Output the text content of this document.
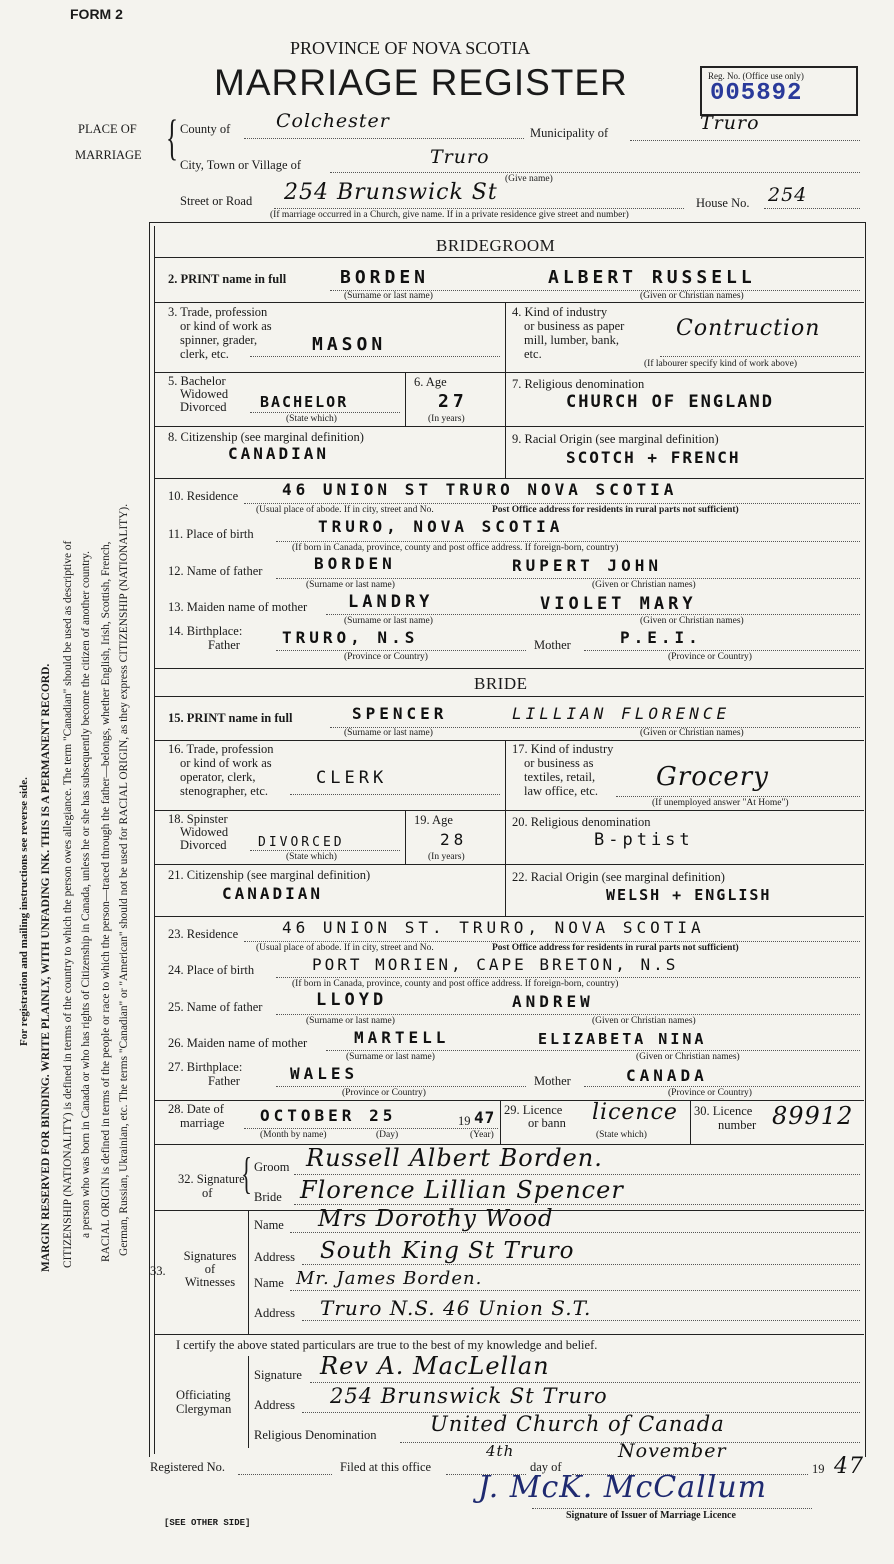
FORM 2
PROVINCE OF NOVA SCOTIA
MARRIAGE REGISTER	Reg. No. (Office use only)
005892
PLACE OF
MARRIAGE { County of Colchester
Municipality of	Truro
City, Town or Village of	Truro
(Give name)
Street or Road 254 Brunswick St	House No. 254
(If marriage occurred in a Church, give name. If in a private residence give street and number)
For registration and mailing instructions see reverse side. MARGIN RESERVED FOR BINDING. WRITE PLAINLY, WITH UNFADING INK. THIS IS A PERMANENT RECORD. CITIZENSHIP (NATIONALITY) is defined in terms of the country to which the person owes allegiance. The term "Canadian" should be used as descriptive of a person who was born in Canada or who has rights of Citizenship in Canada, unless he or she has subsequently become the citizen of another country. RACIAL ORIGIN is defined in terms of the people or race to which the person—traced through the father—belongs, whether English, Irish, Scottish, French, German, Russian, Ukrainian, etc. The terms "Canadian" or "American" should not be used for RACIAL ORIGIN, as they express CITIZENSHIP (NATIONALITY).
BRIDEGROOM
2. PRINT name in full	BORDEN	ALBERT RUSSELL
(Surname or last name)	(Given or Christian names)
3. Trade, profession
or kind of work as
spinner, grader,
clerk, etc.	MASON
4. Kind of industry
or business as paper
mill, lumber, bank,
etc.
Contruction
(If labourer specify kind of work above)
5. Bachelor
Widowed
Divorced BACHELOR
(State which)
6. Age
27
(In years)
7. Religious denomination
CHURCH OF ENGLAND
8. Citizenship (see marginal definition)
CANADIAN
9. Racial Origin (see marginal definition)
SCOTCH + FRENCH
10. Residence	46 UNION ST TRURO NOVA SCOTIA
(Usual place of abode. If in city, street and No.	Post Office address for residents in rural parts not sufficient)
11. Place of birth	TRURO, NOVA SCOTIA
(If born in Canada, province, county and post office address. If foreign-born, country)
12. Name of father	BORDEN	RUPERT JOHN
(Surname or last name)	(Given or Christian names)
13. Maiden name of mother LANDRY	VIOLET MARY
(Surname or last name)	(Given or Christian names)
14. Birthplace:
Father	TRURO, N.S
(Province or Country)
Mother	P.E.I.
(Province or Country)
BRIDE
15. PRINT name in full	SPENCER	LILLIAN FLORENCE
(Surname or last name)	(Given or Christian names)
16. Trade, profession
or kind of work as
operator, clerk,
stenographer, etc.
CLERK
17. Kind of industry
or business as
textiles, retail,
law office, etc.	Grocery
(If unemployed answer "At Home")
18. Spinster
Widowed
Divorced DIVORCED
(State which)
19. Age
28
(In years)
20. Religious denomination
B-ptist
21. Citizenship (see marginal definition)
CANADIAN
22. Racial Origin (see marginal definition)
WELSH + ENGLISH
23. Residence	46 UNION ST. TRURO, NOVA SCOTIA
(Usual place of abode. If in city, street and No.	Post Office address for residents in rural parts not sufficient)
24. Place of birth	PORT MORIEN, CAPE BRETON, N.S
(If born in Canada, province, county and post office address. If foreign-born, country)
25. Name of father	LLOYD	ANDREW
(Surname or last name)	(Given or Christian names)
26. Maiden name of mother	MARTELL	ELIZABETA NINA
(Surname or last name)	(Given or Christian names)
27. Birthplace:
Father	WALES
(Province or Country)
Mother	CANADA
(Province or Country)
28. Date of
marriage OCTOBER 25	19 47
(Month by name)	(Day)	(Year)
29. Licence
or bann licence
(State which)
30. Licence
number 89912
32. Signature
of { Groom Russell Albert Borden.
Bride Florence Lillian Spencer
33.
Signatures
of
Witnesses
Name Mrs Dorothy Wood
Address South King St Truro
Name Mr. James Borden.
Address Truro N.S. 46 Union S.T.
I certify the above stated particulars are true to the best of my knowledge and belief.
Signature Rev A. MacLellan
Officiating
Clergyman Address 254 Brunswick St Truro
Religious Denomination	United Church of Canada
Registered No.	Filed at this office
4th
day of
November
19 47
J. McK. McCallum
Signature of Issuer of Marriage Licence
[SEE OTHER SIDE]
